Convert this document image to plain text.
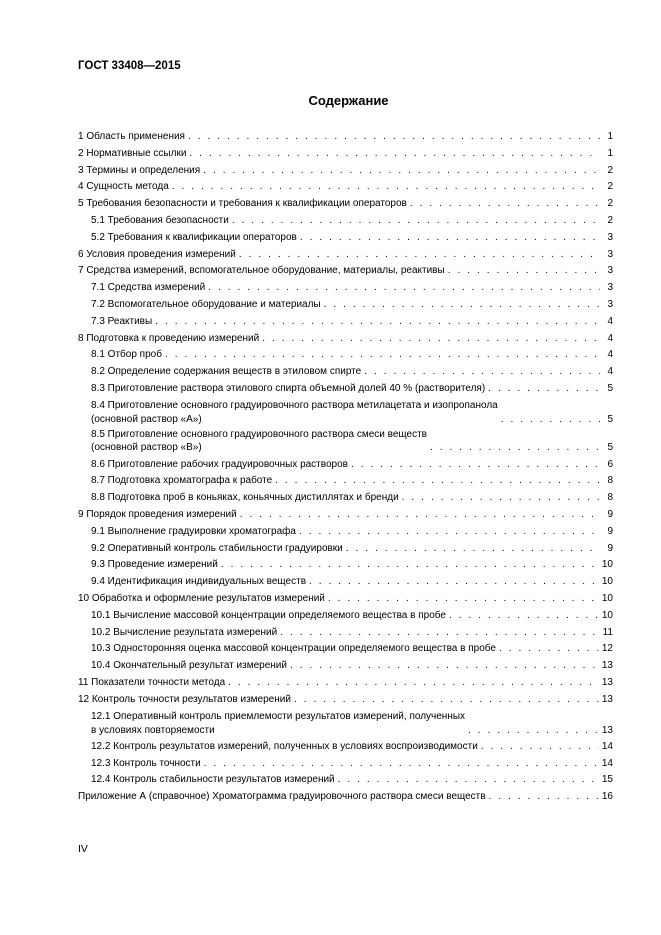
ГОСТ 33408—2015
Содержание
1 Область применения . . .	1
2 Нормативные ссылки . . .	1
3 Термины и определения . . .	2
4 Сущность метода . . .	2
5 Требования безопасности и требования к квалификации операторов . . .	2
5.1 Требования безопасности . . .	2
5.2 Требования к квалификации операторов . . .	3
6 Условия проведения измерений . . .	3
7 Средства измерений, вспомогательное оборудование, материалы, реактивы . . .	3
7.1 Средства измерений . . .	3
7.2 Вспомогательное оборудование и материалы . . .	3
7.3 Реактивы . . .	4
8 Подготовка к проведению измерений . . .	4
8.1 Отбор проб . . .	4
8.2 Определение содержания веществ в этиловом спирте . . .	4
8.3 Приготовление раствора этилового спирта объемной долей 40 % (растворителя) . . .	5
8.4 Приготовление основного градуировочного раствора метилацетата и изопропанола
(основной раствор «А») . . .	5
8.5 Приготовление основного градуировочного раствора смеси веществ
(основной раствор «В») . . .	5
8.6 Приготовление рабочих градуировочных растворов . . .	6
8.7 Подготовка хроматографа к работе . . .	8
8.8 Подготовка проб в коньяках, коньячных дистиллятах и бренди . . .	8
9 Порядок проведения измерений . . .	9
9.1 Выполнение градуировки хроматографа . . .	9
9.2 Оперативный контроль стабильности градуировки . . .	9
9.3 Проведение измерений . . .	10
9.4 Идентификация индивидуальных веществ . . .	10
10 Обработка и оформление результатов измерений . . .	10
10.1 Вычисление массовой концентрации определяемого вещества в пробе . . .	10
10.2 Вычисление результата измерений . . .	11
10.3 Односторонняя оценка массовой концентрации определяемого вещества в пробе . . .	12
10.4 Окончательный результат измерений . . .	13
11 Показатели точности метода . . .	13
12 Контроль точности результатов измерений . . .	13
12.1 Оперативный контроль приемлемости результатов измерений, полученных
в условиях повторяемости . . .	13
12.2 Контроль результатов измерений, полученных в условиях воспроизводимости . . .	14
12.3 Контроль точности . . .	14
12.4 Контроль стабильности результатов измерений . . .	15
Приложение А (справочное) Хроматограмма градуировочного раствора смеси веществ . . .	16
IV
